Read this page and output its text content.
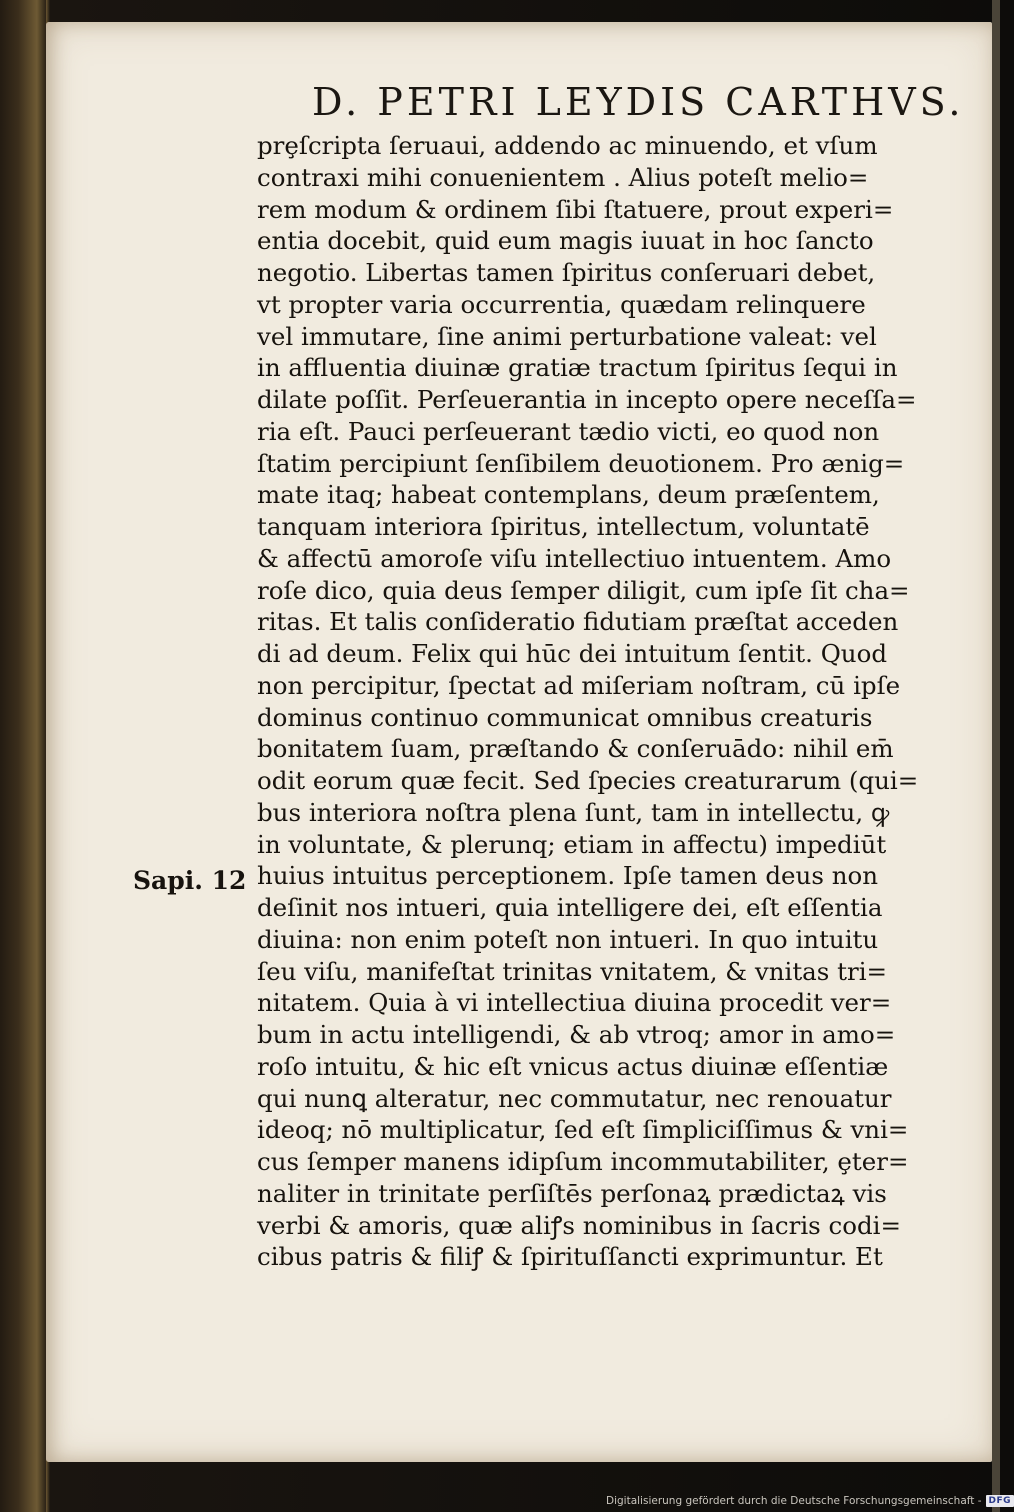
D. PETRI LEYDIS CARTHVS.
Sapi. 12
prȩſcripta ſeruaui, addendo ac minuendo, et vſum
contraxi mihi conuenientem . Alius poteſt melio=
rem modum & ordinem ſibi ſtatuere, prout experi=
entia docebit, quid eum magis iuuat in hoc ſancto
negotio. Libertas tamen ſpiritus conſeruari debet,
vt propter varia occurrentia, quædam relinquere
vel immutare, ſine animi perturbatione valeat: vel
in affluentia diuinæ gratiæ tractum ſpiritus ſequi in
dilate poſſit. Perſeuerantia in incepto opere neceſſa=
ria eſt. Pauci perſeuerant tædio victi, eo quod non
ſtatim percipiunt ſenſibilem deuotionem. Pro ænig=
mate itaq; habeat contemplans, deum præſentem,
tanquam interiora ſpiritus, intellectum, voluntatē
& affectū amoroſe viſu intellectiuo intuentem. Amo
roſe dico, quia deus ſemper diligit, cum ipſe ſit cha=
ritas. Et talis conſideratio fidutiam præſtat acceden
di ad deum. Felix qui hūc dei intuitum ſentit. Quod
non percipitur, ſpectat ad miſeriam noſtram, cū ipſe
dominus continuo communicat omnibus creaturis
bonitatem ſuam, præſtando & conſeruādo: nihil em̄
odit eorum quæ fecit. Sed ſpecies creaturarum (qui=
bus interiora noſtra plena ſunt, tam in intellectu, ꝙ
in voluntate, & plerunq; etiam in affectu) impediūt
huius intuitus perceptionem. Ipſe tamen deus non
deſinit nos intueri, quia intelligere dei, eſt eſſentia
diuina: non enim poteſt non intueri. In quo intuitu
ſeu viſu, manifeſtat trinitas vnitatem, & vnitas tri=
nitatem. Quia à vi intellectiua diuina procedit ver=
bum in actu intelligendi, & ab vtroq; amor in amo=
roſo intuitu, & hic eſt vnicus actus diuinæ eſſentiæ
qui nunꝗ alteratur, nec commutatur, nec renouatur
ideoq; nō multiplicatur, ſed eſt ſimpliciſſimus & vni=
cus ſemper manens idipſum incommutabiliter, ȩter=
naliter in trinitate perſiſtēs perſonaꝝ prædictaꝝ vis
verbi & amoris, quæ aliꝭs nominibus in ſacris codi=
cibus patris & filiꝭ & ſpirituſſancti exprimuntur. Et
Digitalisierung gefördert durch die Deutsche Forschungsgemeinschaft - DFG
